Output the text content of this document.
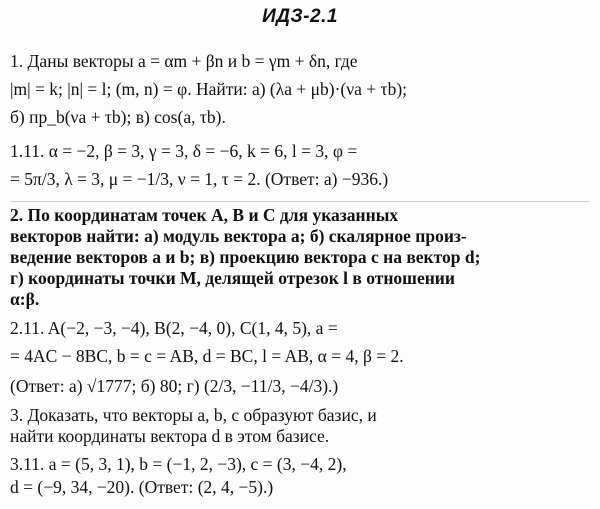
ИДЗ-2.1
1. Даны векторы a = αm + βn и b = γm + δn, где
|m| = k; |n| = l; (m, n) = φ. Найти: а) (λa + μb)·(νa + τb);
б) пр_b(νa + τb); в) cos(a, τb).
1.11. α = −2, β = 3, γ = 3, δ = −6, k = 6, l = 3, φ =
= 5π/3, λ = 3, μ = −1/3, ν = 1, τ = 2. (Ответ: а) −936.)
2. По координатам точек A, B и C для указанных
векторов найти: а) модуль вектора a; б) скалярное произ-
ведение векторов a и b; в) проекцию вектора c на вектор d;
г) координаты точки M, делящей отрезок l в отношении
α:β.
2.11. A(−2, −3, −4), B(2, −4, 0), C(1, 4, 5), a =
= 4AC − 8BC, b = c = AB, d = BC, l = AB, α = 4, β = 2.
(Ответ: а) √1777; б) 80; г) (2/3, −11/3, −4/3).)
3. Доказать, что векторы a, b, c образуют базис, и
найти координаты вектора d в этом базисе.
3.11. a = (5, 3, 1), b = (−1, 2, −3), c = (3, −4, 2),
d = (−9, 34, −20). (Ответ: (2, 4, −5).)
